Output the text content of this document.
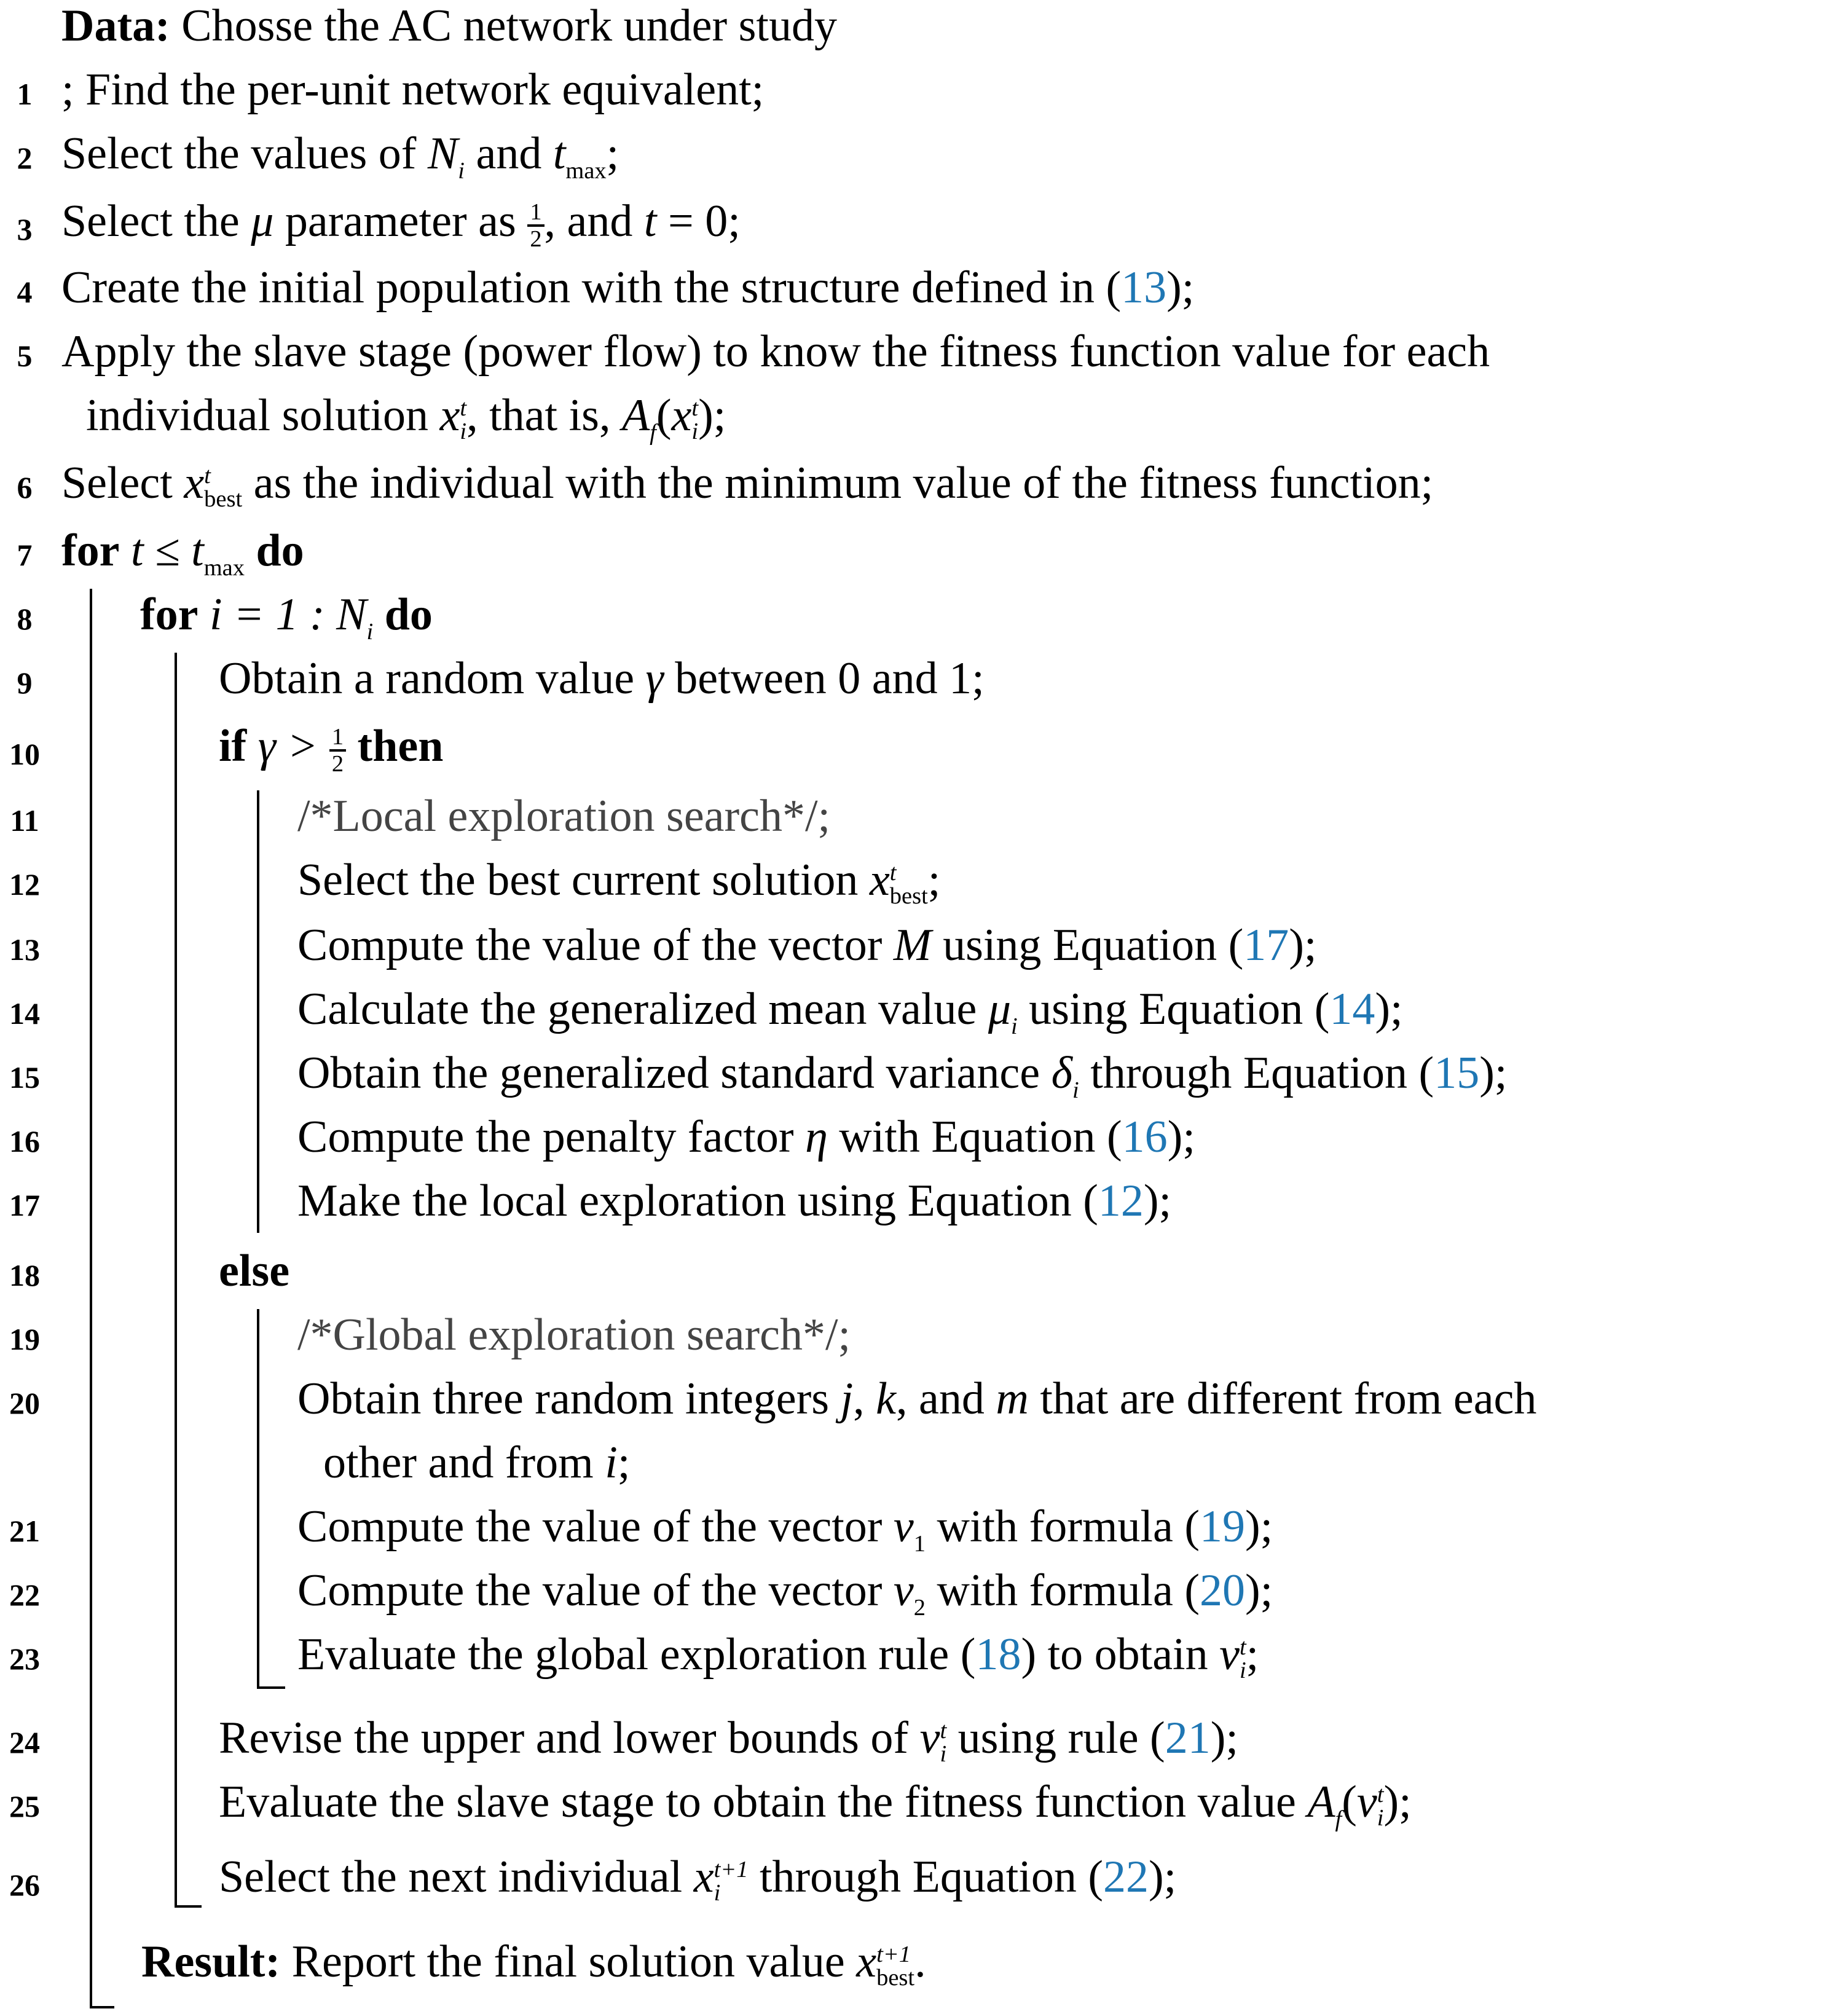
Data: Chosse the AC network under study
1 ; Find the per-unit network equivalent;
2 Select the values of $N_i$ and $t_{max}$;
3 Select the μ parameter as $\frac{1}{2}$ , and t = 0;
4 Create the initial population with the structure defined in (13);
5 Apply the slave stage (power flow) to know the fitness function value for each
individual solution x t
i , that is, $A_f(x$ t
i );
6 Select x t
best as the individual with the minimum value of the fitness function;
7 for $t \le t_{max}$ do
8	for i = 1 : $N_i$ do
9	Obtain a random value γ between 0 and 1;
10	if $\gamma > \frac{1}{2}$ then
11	/*Local exploration search*/;
12	Select the best current solution x t
best ;
13	Compute the value of the vector M using Equation (17);
14	Calculate the generalized mean value $\mu_i$ using Equation (14);
15	Obtain the generalized standard variance $\delta_i$ through Equation (15);
16	Compute the penalty factor η with Equation (16);
17	Make the local exploration using Equation (12);
18	else
19	/*Global exploration search*/;
20	Obtain three random integers j, k, and m that are different from each
other and from i;
21	Compute the value of the vector $v_1$ with formula (19);
22	Compute the value of the vector $v_2$ with formula (20);
23	Evaluate the global exploration rule (18) to obtain v t
i ;
24	Revise the upper and lower bounds of v t
i using rule (21);
25	Evaluate the slave stage to obtain the fitness function value $A_f(v$ t
i );
26	Select the next individual x t+1
i through Equation (22);
Result: Report the final solution value x t+1
best .
